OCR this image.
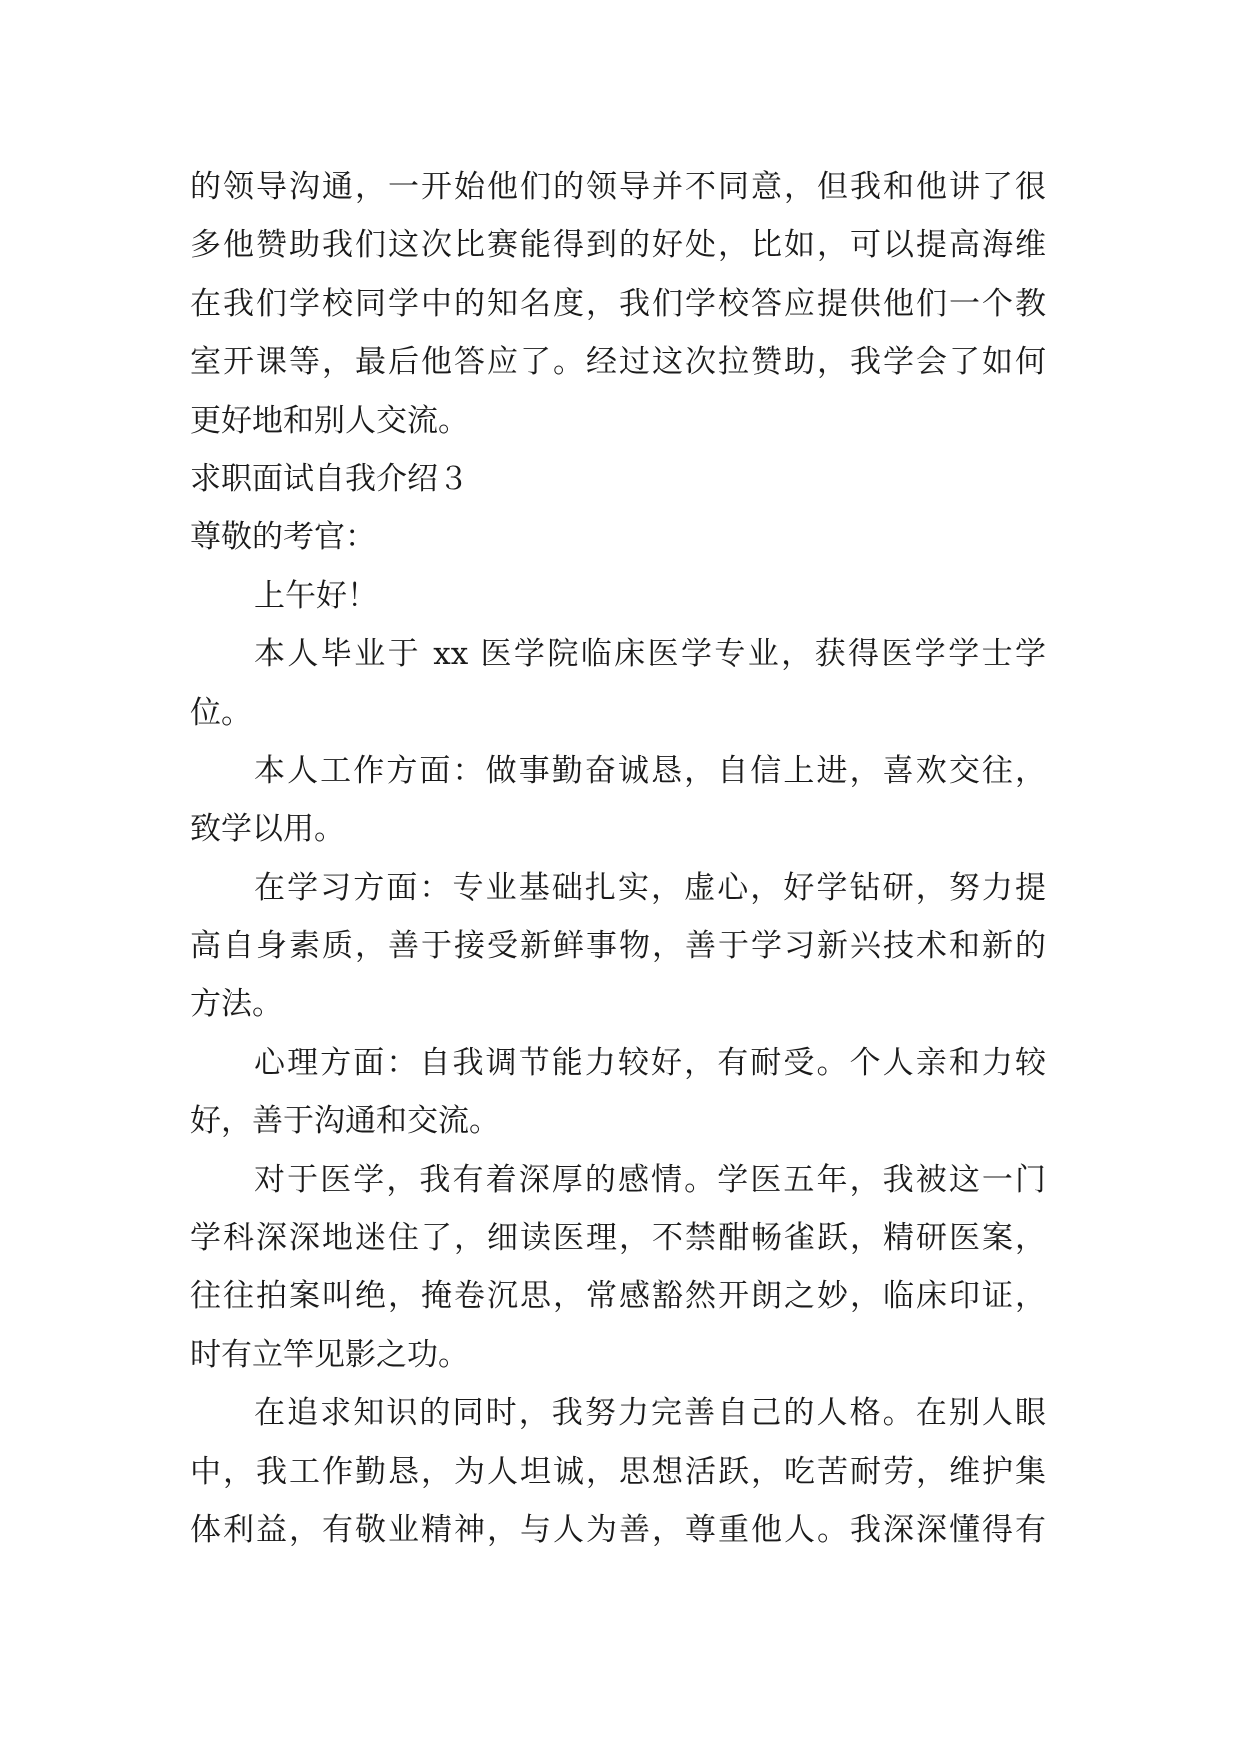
的领导沟通，一开始他们的领导并不同意，但我和他讲了很
多他赞助我们这次比赛能得到的好处，比如，可以提高海维
在我们学校同学中的知名度，我们学校答应提供他们一个教
室开课等，最后他答应了。经过这次拉赞助，我学会了如何
更好地和别人交流。
求职面试自我介绍３
尊敬的考官：
上午好！
本人毕业于 xx 医学院临床医学专业，获得医学学士学
位。
本人工作方面：做事勤奋诚恳，自信上进，喜欢交往，
致学以用。
在学习方面：专业基础扎实，虚心，好学钻研，努力提
高自身素质，善于接受新鲜事物，善于学习新兴技术和新的
方法。
心理方面：自我调节能力较好，有耐受。个人亲和力较
好，善于沟通和交流。
对于医学，我有着深厚的感情。学医五年，我被这一门
学科深深地迷住了，细读医理，不禁酣畅雀跃，精研医案，
往往拍案叫绝，掩卷沉思，常感豁然开朗之妙，临床印证，
时有立竿见影之功。
在追求知识的同时，我努力完善自己的人格。在别人眼
中，我工作勤恳，为人坦诚，思想活跃，吃苦耐劳，维护集
体利益，有敬业精神，与人为善，尊重他人。我深深懂得有
